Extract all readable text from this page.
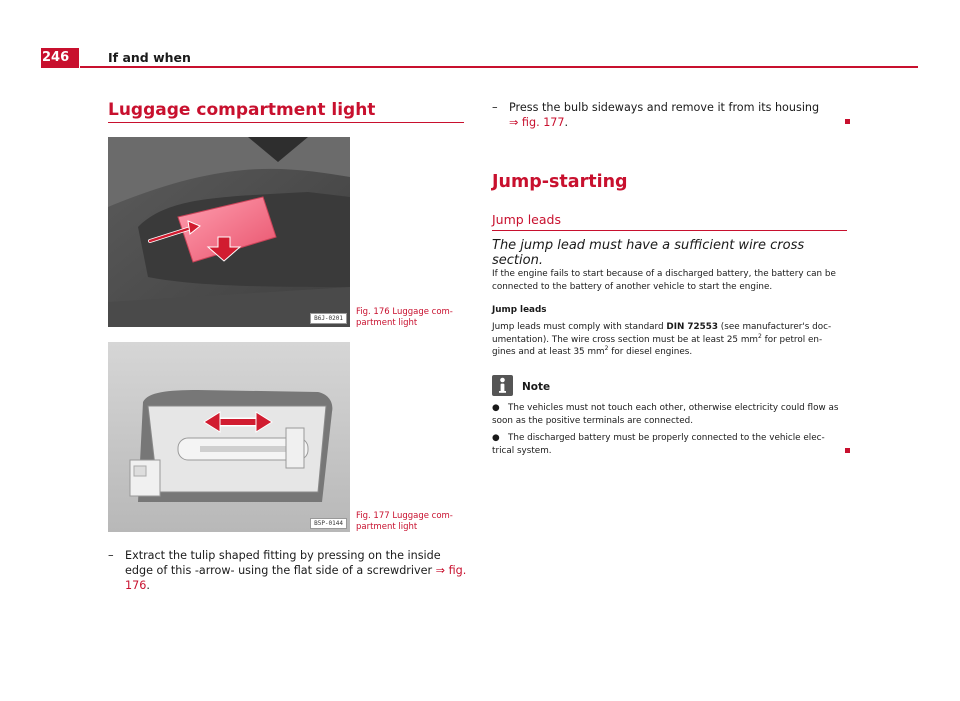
246	If and when
Luggage compartment light
B6J-0201
Fig. 176 Luggage com-partment light
B5P-0144
Fig. 177 Luggage com-partment light
–	Extract the tulip shaped fitting by pressing on the inside edge of this -arrow- using the flat side of a screwdriver ⇒ fig. 176.
–	Press the bulb sideways and remove it from its housing ⇒ fig. 177.
Jump-starting
Jump leads
The jump lead must have a sufficient wire cross section.
If the engine fails to start because of a discharged battery, the battery can be connected to the battery of another vehicle to start the engine.
Jump leads
Jump leads must comply with standard DIN 72553 (see manufacturer's doc-umentation). The wire cross section must be at least 25 $mm^2$ for petrol en-gines and at least 35 $mm^2$ for diesel engines.
Note
● The vehicles must not touch each other, otherwise electricity could flow as soon as the positive terminals are connected.
● The discharged battery must be properly connected to the vehicle elec-trical system.
